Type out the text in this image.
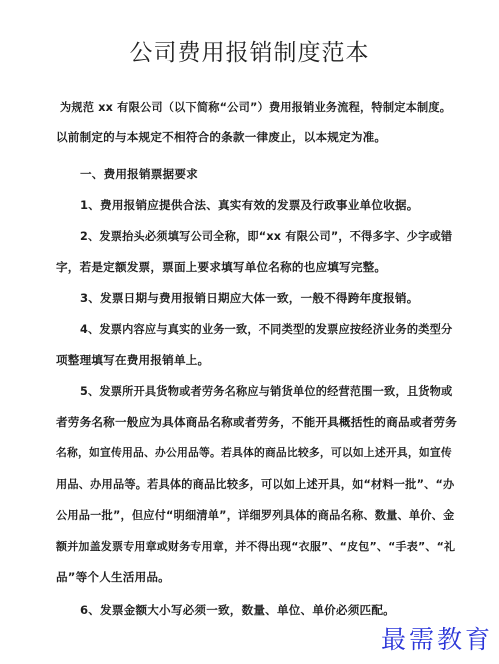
公司费用报销制度范本
为规范 xx 有限公司（以下简称“公司”）费用报销业务流程，特制定本制度。
以前制定的与本规定不相符合的条款一律废止，以本规定为准。
一、费用报销票据要求
1、费用报销应提供合法、真实有效的发票及行政事业单位收据。
2、发票抬头必须填写公司全称，即“xx 有限公司”，不得多字、少字或错
字，若是定额发票，票面上要求填写单位名称的也应填写完整。
3、发票日期与费用报销日期应大体一致，一般不得跨年度报销。
4、发票内容应与真实的业务一致，不同类型的发票应按经济业务的类型分
项整理填写在费用报销单上。
5、发票所开具货物或者劳务名称应与销货单位的经营范围一致，且货物或
者劳务名称一般应为具体商品名称或者劳务，不能开具概括性的商品或者劳务
名称，如宣传用品、办公用品等。若具体的商品比较多，可以如上述开具，如宣传
用品、办用品等。若具体的商品比较多，可以如上述开具，如“材料一批”、“办
公用品一批”，但应付“明细清单”，详细罗列具体的商品名称、数量、单价、金
额并加盖发票专用章或财务专用章，并不得出现“衣服”、“皮包”、“手表”、“礼
品”等个人生活用品。
6、发票金额大小写必须一致，数量、单位、单价必须匹配。
最需教育
